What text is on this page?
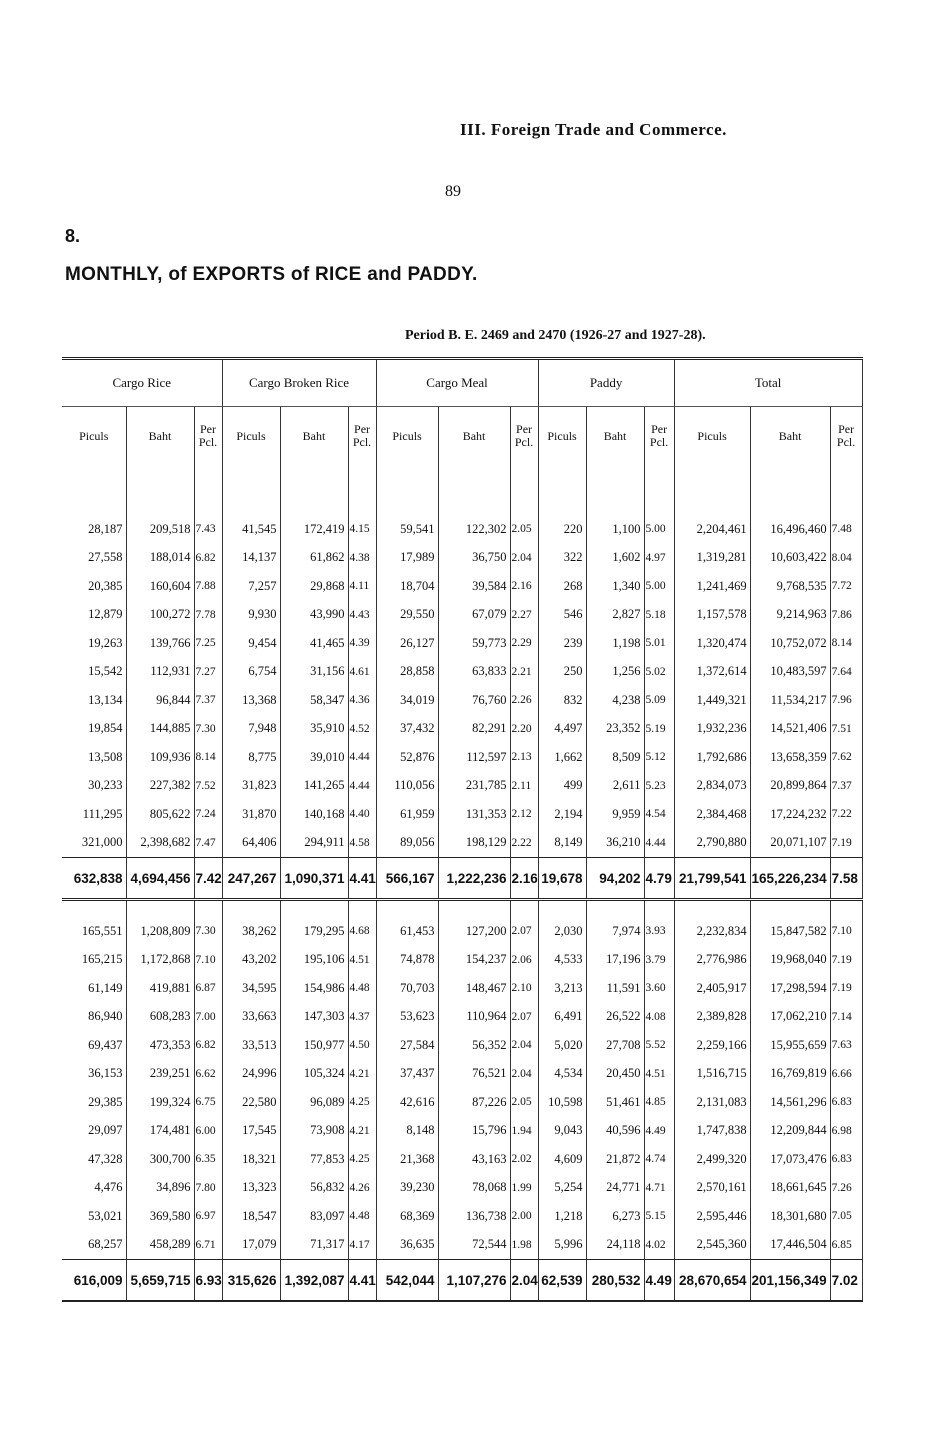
III. Foreign Trade and Commerce.
89
8.
MONTHLY, of EXPORTS of RICE and PADDY.
Period B. E. 2469 and 2470 (1926-27 and 1927-28).
Cargo Rice			Cargo Broken Rice			Cargo Meal			Paddy			Total		
Piculs	Baht	Per Pcl.	Piculs	Baht	Per Pcl.	Piculs	Baht	Per Pcl.	Piculs	Baht	Per Pcl.	Piculs	Baht	Per Pcl.

28,187	209,518	7.43	41,545	172,419	4.15	59,541	122,302	2.05	220	1,100	5.00	2,204,461	16,496,460	7.48
27,558	188,014	6.82	14,137	61,862	4.38	17,989	36,750	2.04	322	1,602	4.97	1,319,281	10,603,422	8.04
20,385	160,604	7.88	7,257	29,868	4.11	18,704	39,584	2.16	268	1,340	5.00	1,241,469	9,768,535	7.72
12,879	100,272	7.78	9,930	43,990	4.43	29,550	67,079	2.27	546	2,827	5.18	1,157,578	9,214,963	7.86
19,263	139,766	7.25	9,454	41,465	4.39	26,127	59,773	2.29	239	1,198	5.01	1,320,474	10,752,072	8.14
15,542	112,931	7.27	6,754	31,156	4.61	28,858	63,833	2.21	250	1,256	5.02	1,372,614	10,483,597	7.64
13,134	96,844	7.37	13,368	58,347	4.36	34,019	76,760	2.26	832	4,238	5.09	1,449,321	11,534,217	7.96
19,854	144,885	7.30	7,948	35,910	4.52	37,432	82,291	2.20	4,497	23,352	5.19	1,932,236	14,521,406	7.51
13,508	109,936	8.14	8,775	39,010	4.44	52,876	112,597	2.13	1,662	8,509	5.12	1,792,686	13,658,359	7.62
30,233	227,382	7.52	31,823	141,265	4.44	110,056	231,785	2.11	499	2,611	5.23	2,834,073	20,899,864	7.37
111,295	805,622	7.24	31,870	140,168	4.40	61,959	131,353	2.12	2,194	9,959	4.54	2,384,468	17,224,232	7.22
321,000	2,398,682	7.47	64,406	294,911	4.58	89,056	198,129	2.22	8,149	36,210	4.44	2,790,880	20,071,107	7.19
632,838	4,694,456	7.42	247,267	1,090,371	4.41	566,167	1,222,236	2.16	19,678	94,202	4.79	21,799,541	165,226,234	7.58

165,551	1,208,809	7.30	38,262	179,295	4.68	61,453	127,200	2.07	2,030	7,974	3.93	2,232,834	15,847,582	7.10
165,215	1,172,868	7.10	43,202	195,106	4.51	74,878	154,237	2.06	4,533	17,196	3.79	2,776,986	19,968,040	7.19
61,149	419,881	6.87	34,595	154,986	4.48	70,703	148,467	2.10	3,213	11,591	3.60	2,405,917	17,298,594	7.19
86,940	608,283	7.00	33,663	147,303	4.37	53,623	110,964	2.07	6,491	26,522	4.08	2,389,828	17,062,210	7.14
69,437	473,353	6.82	33,513	150,977	4.50	27,584	56,352	2.04	5,020	27,708	5.52	2,259,166	15,955,659	7.63
36,153	239,251	6.62	24,996	105,324	4.21	37,437	76,521	2.04	4,534	20,450	4.51	1,516,715	16,769,819	6.66
29,385	199,324	6.75	22,580	96,089	4.25	42,616	87,226	2.05	10,598	51,461	4.85	2,131,083	14,561,296	6.83
29,097	174,481	6.00	17,545	73,908	4.21	8,148	15,796	1.94	9,043	40,596	4.49	1,747,838	12,209,844	6.98
47,328	300,700	6.35	18,321	77,853	4.25	21,368	43,163	2.02	4,609	21,872	4.74	2,499,320	17,073,476	6.83
4,476	34,896	7.80	13,323	56,832	4.26	39,230	78,068	1.99	5,254	24,771	4.71	2,570,161	18,661,645	7.26
53,021	369,580	6.97	18,547	83,097	4.48	68,369	136,738	2.00	1,218	6,273	5.15	2,595,446	18,301,680	7.05
68,257	458,289	6.71	17,079	71,317	4.17	36,635	72,544	1.98	5,996	24,118	4.02	2,545,360	17,446,504	6.85
616,009	5,659,715	6.93	315,626	1,392,087	4.41	542,044	1,107,276	2.04	62,539	280,532	4.49	28,670,654	201,156,349	7.02
